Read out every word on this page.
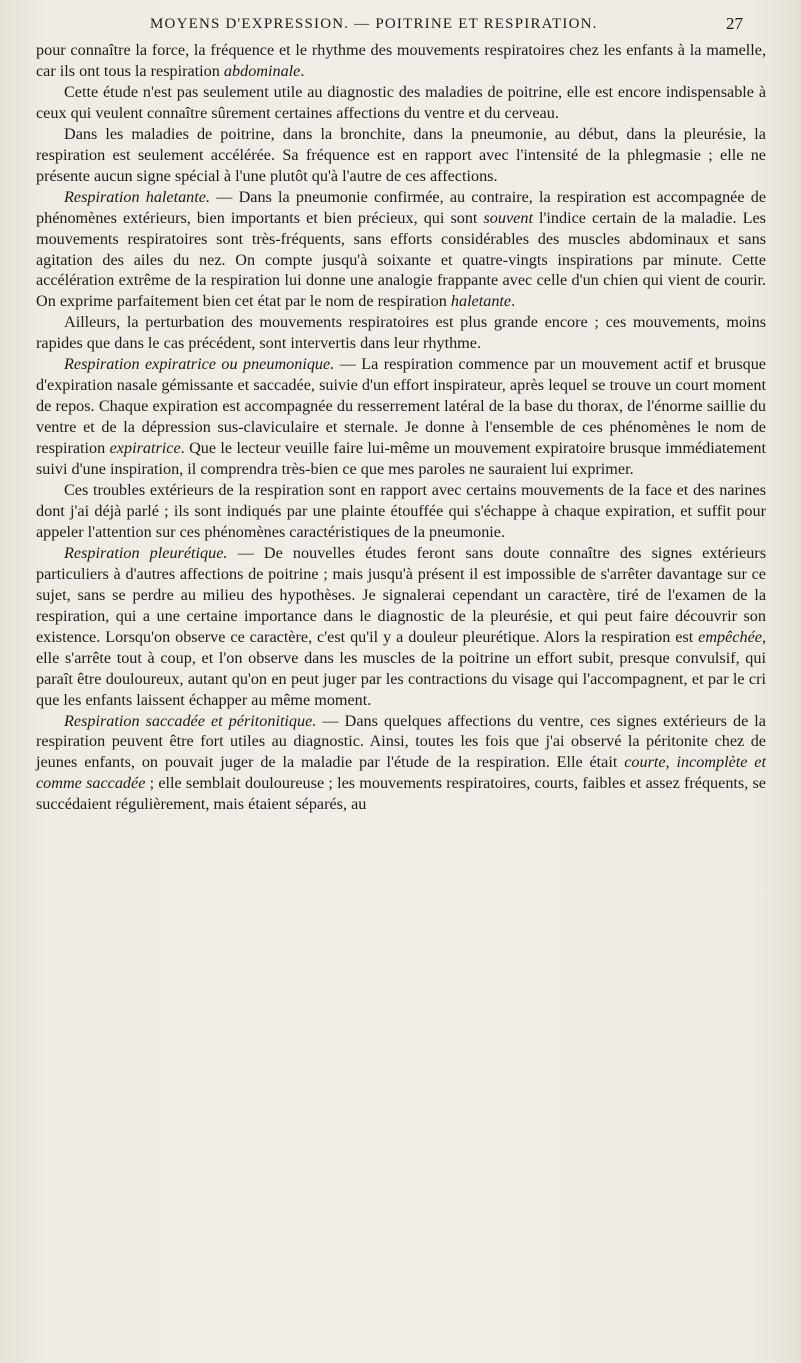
MOYENS D'EXPRESSION. — POITRINE ET RESPIRATION.	27

pour connaître la force, la fréquence et le rhythme des mouvements respiratoires chez les enfants à la mamelle, car ils ont tous la respiration abdominale.

Cette étude n'est pas seulement utile au diagnostic des maladies de poitrine, elle est encore indispensable à ceux qui veulent connaître sûrement certaines affections du ventre et du cerveau.

Dans les maladies de poitrine, dans la bronchite, dans la pneumonie, au début, dans la pleurésie, la respiration est seulement accélérée. Sa fréquence est en rapport avec l'intensité de la phlegmasie ; elle ne présente aucun signe spécial à l'une plutôt qu'à l'autre de ces affections.

Respiration haletante. — Dans la pneumonie confirmée, au contraire, la respiration est accompagnée de phénomènes extérieurs, bien importants et bien précieux, qui sont souvent l'indice certain de la maladie. Les mouvements respiratoires sont très-fréquents, sans efforts considérables des muscles abdominaux et sans agitation des ailes du nez. On compte jusqu'à soixante et quatre-vingts inspirations par minute. Cette accélération extrême de la respiration lui donne une analogie frappante avec celle d'un chien qui vient de courir. On exprime parfaitement bien cet état par le nom de respiration haletante.

Ailleurs, la perturbation des mouvements respiratoires est plus grande encore ; ces mouvements, moins rapides que dans le cas précédent, sont intervertis dans leur rhythme.

Respiration expiratrice ou pneumonique. — La respiration commence par un mouvement actif et brusque d'expiration nasale gémissante et saccadée, suivie d'un effort inspirateur, après lequel se trouve un court moment de repos. Chaque expiration est accompagnée du resserrement latéral de la base du thorax, de l'énorme saillie du ventre et de la dépression sus-claviculaire et sternale. Je donne à l'ensemble de ces phénomènes le nom de respiration expiratrice. Que le lecteur veuille faire lui-même un mouvement expiratoire brusque immédiatement suivi d'une inspiration, il comprendra très-bien ce que mes paroles ne sauraient lui exprimer.

Ces troubles extérieurs de la respiration sont en rapport avec certains mouvements de la face et des narines dont j'ai déjà parlé ; ils sont indiqués par une plainte étouffée qui s'échappe à chaque expiration, et suffit pour appeler l'attention sur ces phénomènes caractéristiques de la pneumonie.

Respiration pleurétique. — De nouvelles études feront sans doute connaître des signes extérieurs particuliers à d'autres affections de poitrine ; mais jusqu'à présent il est impossible de s'arrêter davantage sur ce sujet, sans se perdre au milieu des hypothèses. Je signalerai cependant un caractère, tiré de l'examen de la respiration, qui a une certaine importance dans le diagnostic de la pleurésie, et qui peut faire découvrir son existence. Lorsqu'on observe ce caractère, c'est qu'il y a douleur pleurétique. Alors la respiration est empêchée, elle s'arrête tout à coup, et l'on observe dans les muscles de la poitrine un effort subit, presque convulsif, qui paraît être douloureux, autant qu'on en peut juger par les contractions du visage qui l'accompagnent, et par le cri que les enfants laissent échapper au même moment.

Respiration saccadée et péritonitique. — Dans quelques affections du ventre, ces signes extérieurs de la respiration peuvent être fort utiles au diagnostic. Ainsi, toutes les fois que j'ai observé la péritonite chez de jeunes enfants, on pouvait juger de la maladie par l'étude de la respiration. Elle était courte, incomplète et comme saccadée ; elle semblait douloureuse ; les mouvements respiratoires, courts, faibles et assez fréquents, se succédaient régulièrement, mais étaient séparés, au
